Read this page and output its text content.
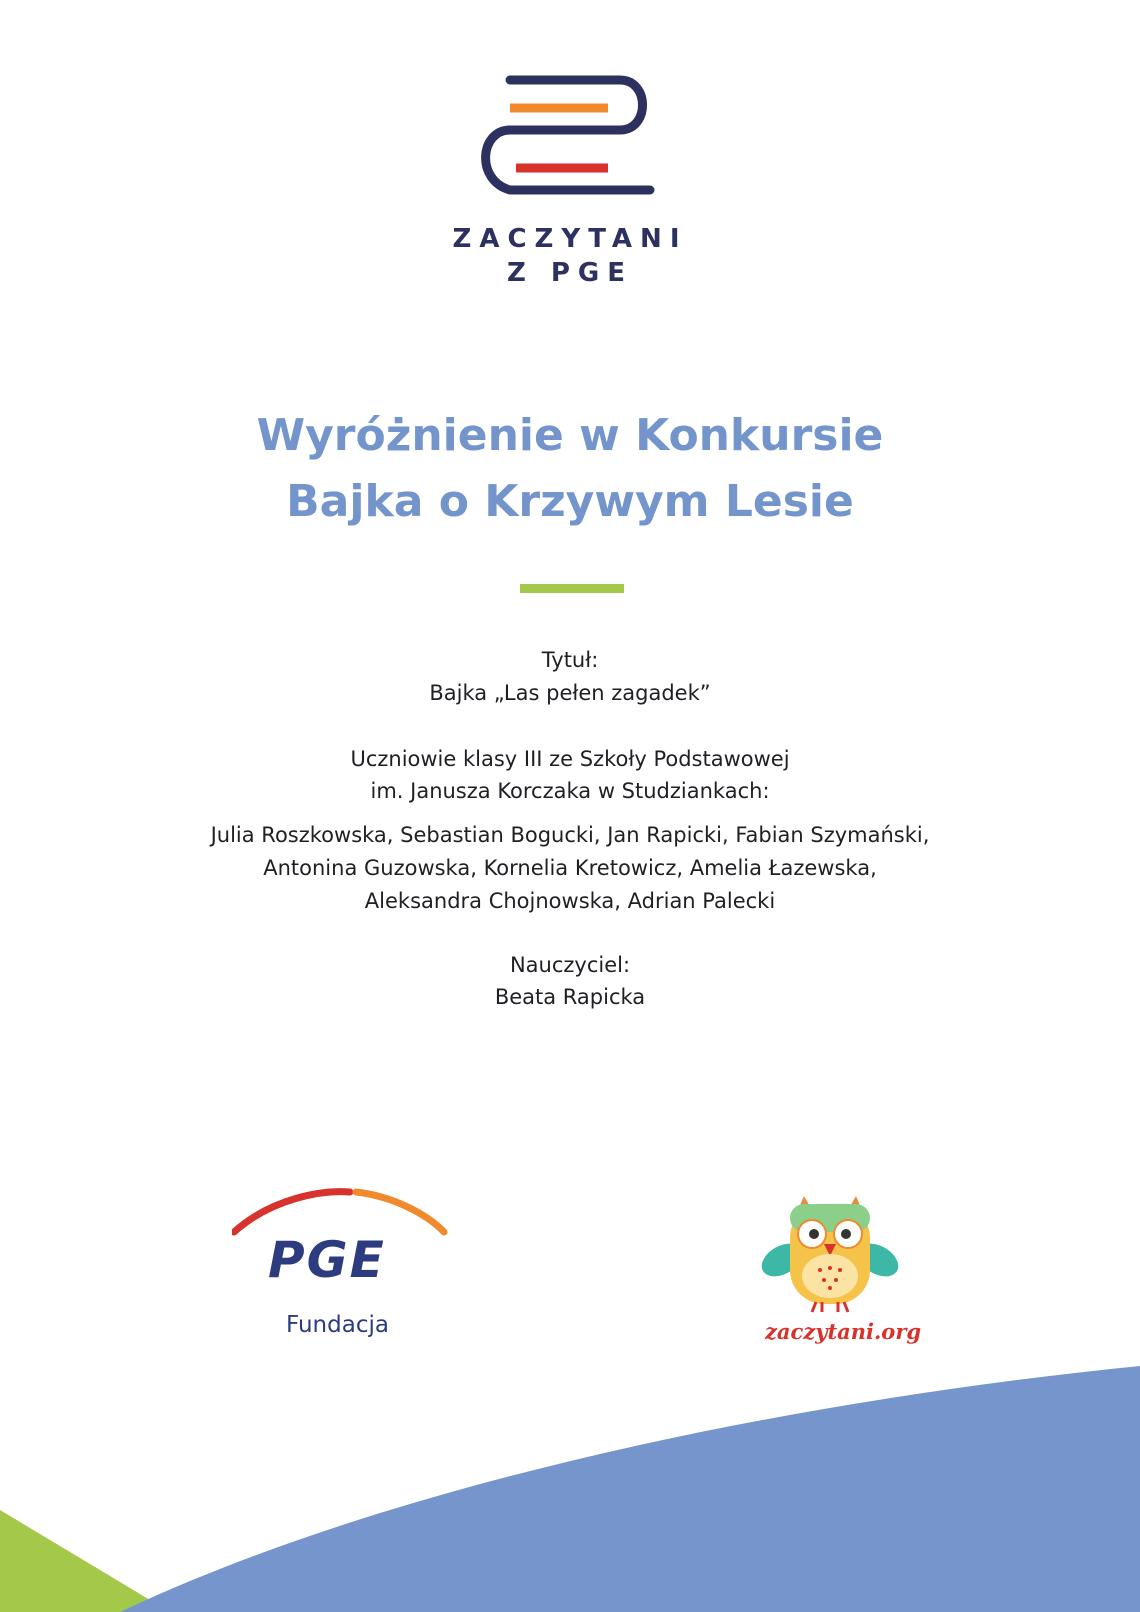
ZACZYTANI
Z PGE
Wyróżnienie w Konkursie
Bajka o Krzywym Lesie
Tytuł:
Bajka „Las pełen zagadek”
Uczniowie klasy III ze Szkoły Podstawowej
im. Janusza Korczaka w Studziankach:
Julia Roszkowska, Sebastian Bogucki, Jan Rapicki, Fabian Szymański,
Antonina Guzowska, Kornelia Kretowicz, Amelia Łazewska,
Aleksandra Chojnowska, Adrian Palecki
Nauczyciel:
Beata Rapicka
PGE
Fundacja	zaczytani.org
